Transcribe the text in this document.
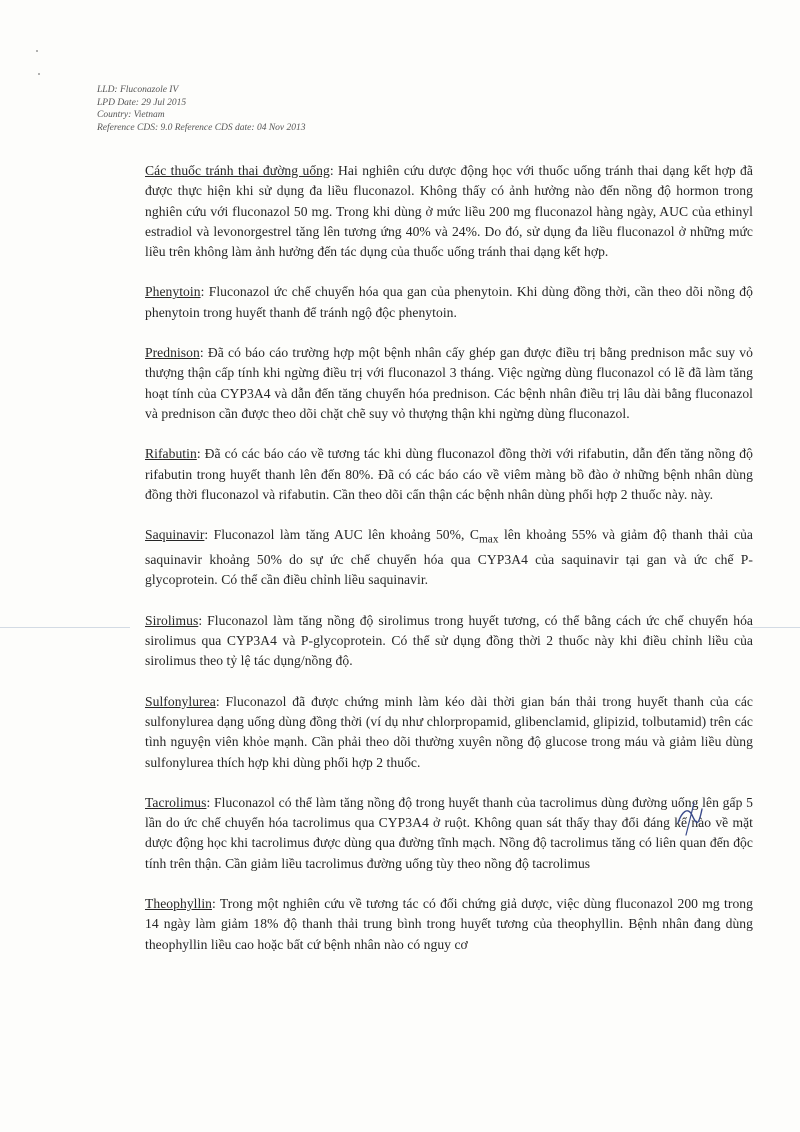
LLD: Fluconazole IV
LPD Date: 29 Jul 2015
Country: Vietnam
Reference CDS: 9.0 Reference CDS date: 04 Nov 2013

Các thuốc tránh thai đường uống: Hai nghiên cứu dược động học với thuốc uống tránh thai dạng kết hợp đã được thực hiện khi sử dụng đa liều fluconazol. Không thấy có ảnh hưởng nào đến nồng độ hormon trong nghiên cứu với fluconazol 50 mg. Trong khi dùng ở mức liều 200 mg fluconazol hàng ngày, AUC của ethinyl estradiol và levonorgestrel tăng lên tương ứng 40% và 24%. Do đó, sử dụng đa liều fluconazol ở những mức liều trên không làm ảnh hưởng đến tác dụng của thuốc uống tránh thai dạng kết hợp.

Phenytoin: Fluconazol ức chế chuyển hóa qua gan của phenytoin. Khi dùng đồng thời, cần theo dõi nồng độ phenytoin trong huyết thanh để tránh ngộ độc phenytoin.

Prednison: Đã có báo cáo trường hợp một bệnh nhân cấy ghép gan được điều trị bằng prednison mắc suy vỏ thượng thận cấp tính khi ngừng điều trị với fluconazol 3 tháng. Việc ngừng dùng fluconazol có lẽ đã làm tăng hoạt tính của CYP3A4 và dẫn đến tăng chuyển hóa prednison. Các bệnh nhân điều trị lâu dài bằng fluconazol và prednison cần được theo dõi chặt chẽ suy vỏ thượng thận khi ngừng dùng fluconazol.

Rifabutin: Đã có các báo cáo về tương tác khi dùng fluconazol đồng thời với rifabutin, dẫn đến tăng nồng độ rifabutin trong huyết thanh lên đến 80%. Đã có các báo cáo về viêm màng bồ đào ở những bệnh nhân dùng đồng thời fluconazol và rifabutin. Cần theo dõi cẩn thận các bệnh nhân dùng phối hợp 2 thuốc này. này.

Saquinavir: Fluconazol làm tăng AUC lên khoảng 50%, $C_{max}$ lên khoảng 55% và giảm độ thanh thải của saquinavir khoảng 50% do sự ức chế chuyển hóa qua CYP3A4 của saquinavir tại gan và ức chế P-glycoprotein. Có thể cần điều chỉnh liều saquinavir.

Sirolimus: Fluconazol làm tăng nồng độ sirolimus trong huyết tương, có thể bằng cách ức chế chuyển hóa sirolimus qua CYP3A4 và P-glycoprotein. Có thể sử dụng đồng thời 2 thuốc này khi điều chỉnh liều của sirolimus theo tỷ lệ tác dụng/nồng độ.

Sulfonylurea: Fluconazol đã được chứng minh làm kéo dài thời gian bán thải trong huyết thanh của các sulfonylurea dạng uống dùng đồng thời (ví dụ như chlorpropamid, glibenclamid, glipizid, tolbutamid) trên các tình nguyện viên khỏe mạnh. Cần phải theo dõi thường xuyên nồng độ glucose trong máu và giảm liều dùng sulfonylurea thích hợp khi dùng phối hợp 2 thuốc.

Tacrolimus: Fluconazol có thể làm tăng nồng độ trong huyết thanh của tacrolimus dùng đường uống lên gấp 5 lần do ức chế chuyển hóa tacrolimus qua CYP3A4 ở ruột. Không quan sát thấy thay đổi đáng kể nào về mặt dược động học khi tacrolimus được dùng qua đường tĩnh mạch. Nồng độ tacrolimus tăng có liên quan đến độc tính trên thận. Cần giảm liều tacrolimus đường uống tùy theo nồng độ tacrolimus

Theophyllin: Trong một nghiên cứu về tương tác có đối chứng giả dược, việc dùng fluconazol 200 mg trong 14 ngày làm giảm 18% độ thanh thải trung bình trong huyết tương của theophyllin. Bệnh nhân đang dùng theophyllin liều cao hoặc bất cứ bệnh nhân nào có nguy cơ
